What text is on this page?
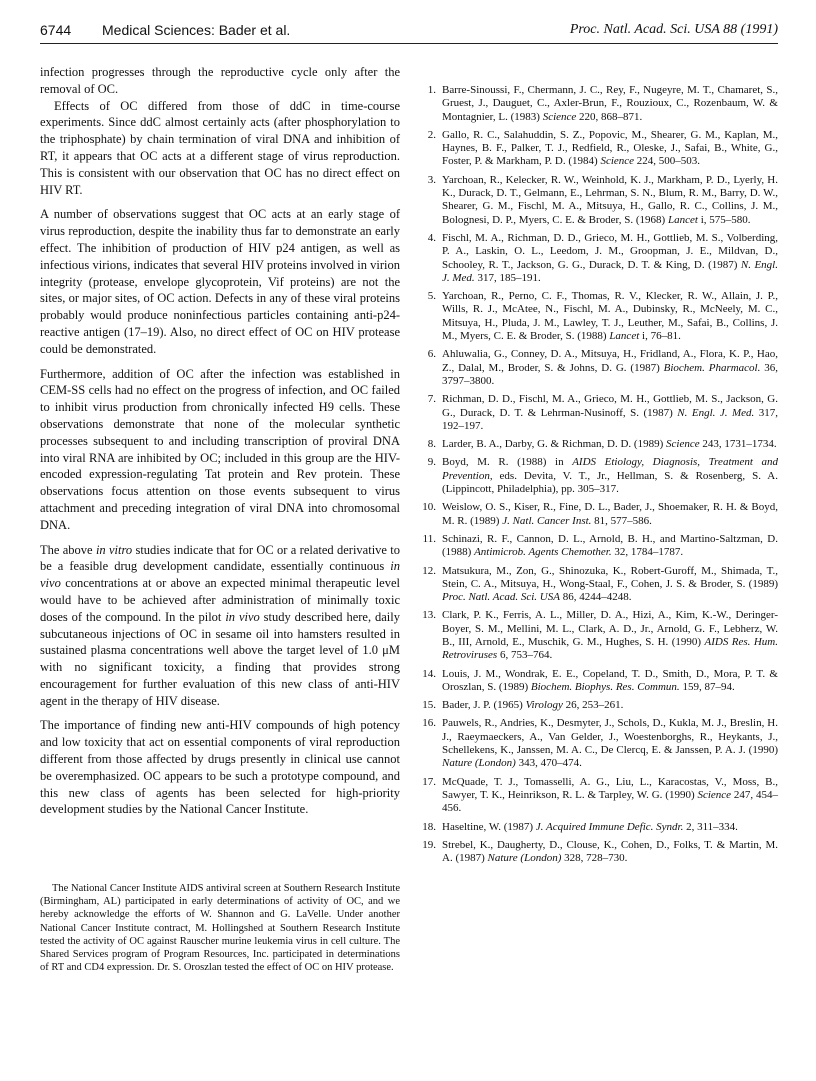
6744 Medical Sciences: Bader et al.	Proc. Natl. Acad. Sci. USA 88 (1991)

infection progresses through the reproductive cycle only after the removal of OC.

Effects of OC differed from those of ddC in time-course experiments. Since ddC almost certainly acts (after phosphorylation to the triphosphate) by chain termination of viral DNA and inhibition of RT, it appears that OC acts at a different stage of virus reproduction. This is consistent with our observation that OC has no direct effect on HIV RT.

A number of observations suggest that OC acts at an early stage of virus reproduction, despite the inability thus far to demonstrate an early effect. The inhibition of production of HIV p24 antigen, as well as infectious virions, indicates that several HIV proteins involved in virion integrity (protease, envelope glycoprotein, Vif proteins) are not the sites, or major sites, of OC action. Defects in any of these viral proteins probably would produce noninfectious particles containing anti-p24-reactive antigen (17–19). Also, no direct effect of OC on HIV protease could be demonstrated.

Furthermore, addition of OC after the infection was established in CEM-SS cells had no effect on the progress of infection, and OC failed to inhibit virus production from chronically infected H9 cells. These observations demonstrate that none of the molecular synthetic processes subsequent to and including transcription of proviral DNA into viral RNA are inhibited by OC; included in this group are the HIV-encoded expression-regulating Tat protein and Rev protein. These observations focus attention on those events subsequent to virus attachment and preceding integration of viral DNA into chromosomal DNA.

The above in vitro studies indicate that for OC or a related derivative to be a feasible drug development candidate, essentially continuous in vivo concentrations at or above an expected minimal therapeutic level would have to be achieved after administration of minimally toxic doses of the compound. In the pilot in vivo study described here, daily subcutaneous injections of OC in sesame oil into hamsters resulted in sustained plasma concentrations well above the target level of 1.0 μM with no significant toxicity, a finding that provides strong encouragement for further evaluation of this new class of anti-HIV agent in the therapy of HIV disease.

The importance of finding new anti-HIV compounds of high potency and low toxicity that act on essential components of viral reproduction different from those affected by drugs presently in clinical use cannot be overemphasized. OC appears to be such a prototype compound, and this new class of agents has been selected for high-priority development studies by the National Cancer Institute.

The National Cancer Institute AIDS antiviral screen at Southern Research Institute (Birmingham, AL) participated in early determinations of activity of OC, and we hereby acknowledge the efforts of W. Shannon and G. LaVelle. Under another National Cancer Institute contract, M. Hollingshed at Southern Research Institute tested the activity of OC against Rauscher murine leukemia virus in cell culture. The Shared Services program of Program Resources, Inc. participated in determinations of RT and CD4 expression. Dr. S. Oroszlan tested the effect of OC on HIV protease.

1. Barre-Sinoussi, F., Chermann, J. C., Rey, F., Nugeyre, M. T., Chamaret, S., Gruest, J., Dauguet, C., Axler-Brun, F., Rouzioux, C., Rozenbaum, W. & Montagnier, L. (1983) Science 220, 868–871.
2. Gallo, R. C., Salahuddin, S. Z., Popovic, M., Shearer, G. M., Kaplan, M., Haynes, B. F., Palker, T. J., Redfield, R., Oleske, J., Safai, B., White, G., Foster, P. & Markham, P. D. (1984) Science 224, 500–503.
3. Yarchoan, R., Kelecker, R. W., Weinhold, K. J., Markham, P. D., Lyerly, H. K., Durack, D. T., Gelmann, E., Lehrman, S. N., Blum, R. M., Barry, D. W., Shearer, G. M., Fischl, M. A., Mitsuya, H., Gallo, R. C., Collins, J. M., Bolognesi, D. P., Myers, C. E. & Broder, S. (1968) Lancet i, 575–580.
4. Fischl, M. A., Richman, D. D., Grieco, M. H., Gottlieb, M. S., Volberding, P. A., Laskin, O. L., Leedom, J. M., Groopman, J. E., Mildvan, D., Schooley, R. T., Jackson, G. G., Durack, D. T. & King, D. (1987) N. Engl. J. Med. 317, 185–191.
5. Yarchoan, R., Perno, C. F., Thomas, R. V., Klecker, R. W., Allain, J. P., Wills, R. J., McAtee, N., Fischl, M. A., Dubinsky, R., McNeely, M. C., Mitsuya, H., Pluda, J. M., Lawley, T. J., Leuther, M., Safai, B., Collins, J. M., Myers, C. E. & Broder, S. (1988) Lancet i, 76–81.
6. Ahluwalia, G., Conney, D. A., Mitsuya, H., Fridland, A., Flora, K. P., Hao, Z., Dalal, M., Broder, S. & Johns, D. G. (1987) Biochem. Pharmacol. 36, 3797–3800.
7. Richman, D. D., Fischl, M. A., Grieco, M. H., Gottlieb, M. S., Jackson, G. G., Durack, D. T. & Lehrman-Nusinoff, S. (1987) N. Engl. J. Med. 317, 192–197.
8. Larder, B. A., Darby, G. & Richman, D. D. (1989) Science 243, 1731–1734.
9. Boyd, M. R. (1988) in AIDS Etiology, Diagnosis, Treatment and Prevention, eds. Devita, V. T., Jr., Hellman, S. & Rosenberg, S. A. (Lippincott, Philadelphia), pp. 305–317.
10. Weislow, O. S., Kiser, R., Fine, D. L., Bader, J., Shoemaker, R. H. & Boyd, M. R. (1989) J. Natl. Cancer Inst. 81, 577–586.
11. Schinazi, R. F., Cannon, D. L., Arnold, B. H., and Martino-Saltzman, D. (1988) Antimicrob. Agents Chemother. 32, 1784–1787.
12. Matsukura, M., Zon, G., Shinozuka, K., Robert-Guroff, M., Shimada, T., Stein, C. A., Mitsuya, H., Wong-Staal, F., Cohen, J. S. & Broder, S. (1989) Proc. Natl. Acad. Sci. USA 86, 4244–4248.
13. Clark, P. K., Ferris, A. L., Miller, D. A., Hizi, A., Kim, K.-W., Deringer-Boyer, S. M., Mellini, M. L., Clark, A. D., Jr., Arnold, G. F., Lebherz, W. B., III, Arnold, E., Muschik, G. M., Hughes, S. H. (1990) AIDS Res. Hum. Retroviruses 6, 753–764.
14. Louis, J. M., Wondrak, E. E., Copeland, T. D., Smith, D., Mora, P. T. & Oroszlan, S. (1989) Biochem. Biophys. Res. Commun. 159, 87–94.
15. Bader, J. P. (1965) Virology 26, 253–261.
16. Pauwels, R., Andries, K., Desmyter, J., Schols, D., Kukla, M. J., Breslin, H. J., Raeymaeckers, A., Van Gelder, J., Woestenborghs, R., Heykants, J., Schellekens, K., Janssen, M. A. C., De Clercq, E. & Janssen, P. A. J. (1990) Nature (London) 343, 470–474.
17. McQuade, T. J., Tomasselli, A. G., Liu, L., Karacostas, V., Moss, B., Sawyer, T. K., Heinrikson, R. L. & Tarpley, W. G. (1990) Science 247, 454–456.
18. Haseltine, W. (1987) J. Acquired Immune Defic. Syndr. 2, 311–334.
19. Strebel, K., Daugherty, D., Clouse, K., Cohen, D., Folks, T. & Martin, M. A. (1987) Nature (London) 328, 728–730.
